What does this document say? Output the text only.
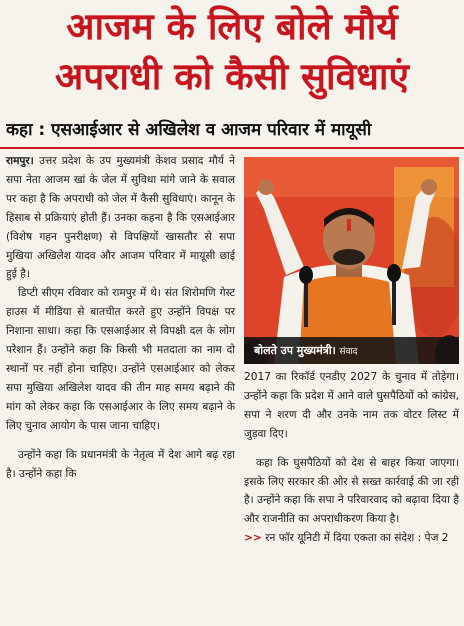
आजम के लिए बोले मौर्य
अपराधी को कैसी सुविधाएं
कहा : एसआईआर से अखिलेश व आजम परिवार में मायूसी

रामपुर। उत्तर प्रदेश के उप मुख्यमंत्री केशव प्रसाद मौर्य ने सपा नेता आजम खां के जेल में सुविधा मांगे जाने के सवाल पर कहा है कि अपराधी को जेल में कैसी सुविधाएं। कानून के हिसाब से प्रक्रियाएं होती हैं। उनका कहना है कि एसआईआर (विशेष गहन पुनरीक्षण) से विपक्षियों खासतौर से सपा मुखिया अखिलेश यादव और आजम परिवार में मायूसी छाई हुई है।

डिप्टी सीएम रविवार को रामपुर में थे। संत शिरोमणि गेस्ट हाउस में मीडिया से बातचीत करते हुए उन्होंने विपक्ष पर निशाना साधा। कहा कि एसआईआर से विपक्षी दल के लोग परेशान हैं। उन्होंने कहा कि किसी भी मतदाता का नाम दो स्थानों पर नहीं होना चाहिए। उन्होंने एसआईआर को लेकर सपा मुखिया अखिलेश यादव की तीन माह समय बढ़ाने की मांग को लेकर कहा कि एसआईआर के लिए समय बढ़ाने के लिए चुनाव आयोग के पास जाना चाहिए।

उन्होंने कहा कि प्रधानमंत्री के नेतृत्व में देश आगे बढ़ रहा है। उन्होंने कहा कि

बोलते उप मुख्यमंत्री। संवाद

2017 का रिकॉर्ड एनडीए 2027 के चुनाव में तोड़ेगा। उन्होंने कहा कि प्रदेश में आने वाले घुसपैठियों को कांग्रेस, सपा ने शरण दी और उनके नाम तक वोटर लिस्ट में जुड़वा दिए।

कहा कि घुसपैठियों को देश से बाहर किया जाएगा। इसके लिए सरकार की ओर से सख्त कार्रवाई की जा रही है। उन्होंने कहा कि सपा ने परिवारवाद को बढ़ावा दिया है और राजनीति का अपराधीकरण किया है।

>> रन फॉर यूनिटी में दिया एकता का संदेश : पेज 2
